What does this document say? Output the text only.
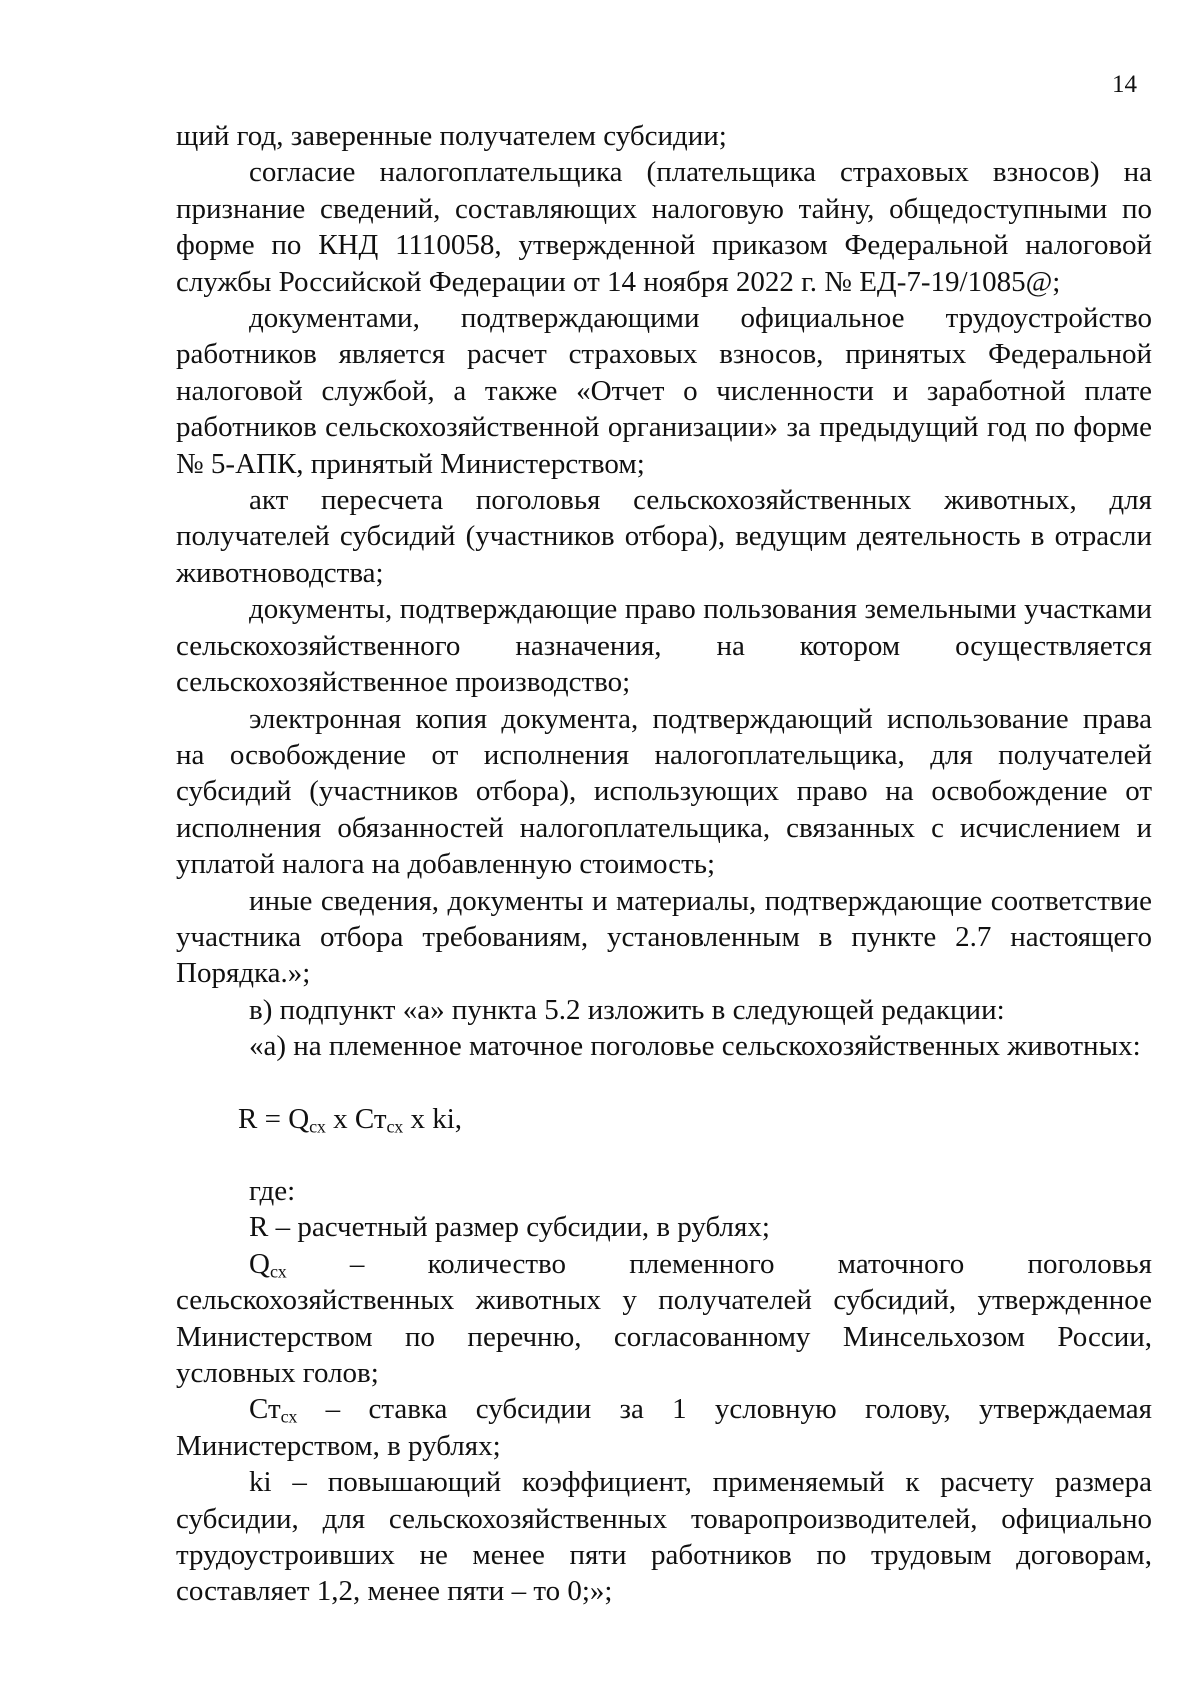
14

щий год, заверенные получателем субсидии;

согласие налогоплательщика (плательщика страховых взносов) на признание сведений, составляющих налоговую тайну, общедоступными по форме по КНД 1110058, утвержденной приказом Федеральной налоговой службы Российской Федерации от 14 ноября 2022 г. № ЕД-7-19/1085@;

документами, подтверждающими официальное трудоустройство работников является расчет страховых взносов, принятых Федеральной налоговой службой, а также «Отчет о численности и заработной плате работников сельскохозяйственной организации» за предыдущий год по форме № 5-АПК, принятый Министерством;

акт пересчета поголовья сельскохозяйственных животных, для получателей субсидий (участников отбора), ведущим деятельность в отрасли животноводства;

документы, подтверждающие право пользования земельными участками сельскохозяйственного назначения, на котором осуществляется сельскохозяйственное производство;

электронная копия документа, подтверждающий использование права на освобождение от исполнения налогоплательщика, для получателей субсидий (участников отбора), использующих право на освобождение от исполнения обязанностей налогоплательщика, связанных с исчислением и уплатой налога на добавленную стоимость;

иные сведения, документы и материалы, подтверждающие соответствие участника отбора требованиям, установленным в пункте 2.7 настоящего Порядка.»;

в) подпункт «а» пункта 5.2 изложить в следующей редакции:

«а) на племенное маточное поголовье сельскохозяйственных животных:

$R = Q_{сх}$ x $Ст_{сх}$ x ki,

где:

R – расчетный размер субсидии, в рублях;

$Q_{сх}$ – количество племенного маточного поголовья сельскохозяйственных животных у получателей субсидий, утвержденное Министерством по перечню, согласованному Минсельхозом России, условных голов;

$Ст_{сх}$ – ставка субсидии за 1 условную голову, утверждаемая Министерством, в рублях;

ki – повышающий коэффициент, применяемый к расчету размера субсидии, для сельскохозяйственных товаропроизводителей, официально трудоустроивших не менее пяти работников по трудовым договорам, составляет 1,2, менее пяти – то 0;»;
